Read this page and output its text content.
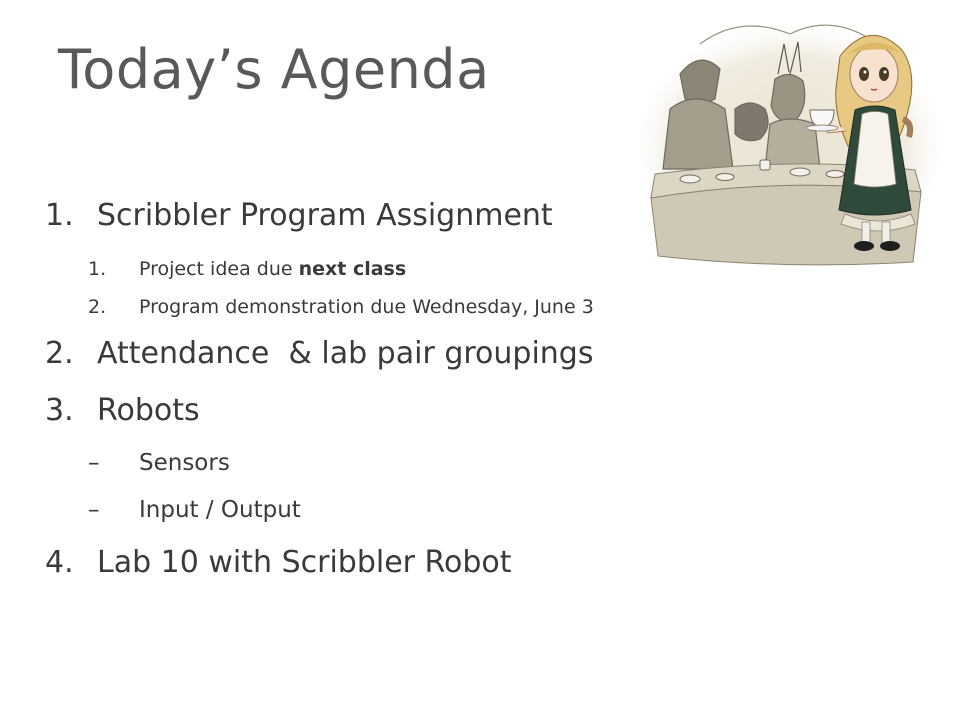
Today’s Agenda
1. Scribbler Program Assignment
1. Project idea due next class
2. Program demonstration due Wednesday, June 3
2. Attendance  & lab pair groupings
3. Robots
– Sensors
– Input / Output
4. Lab 10 with Scribbler Robot
